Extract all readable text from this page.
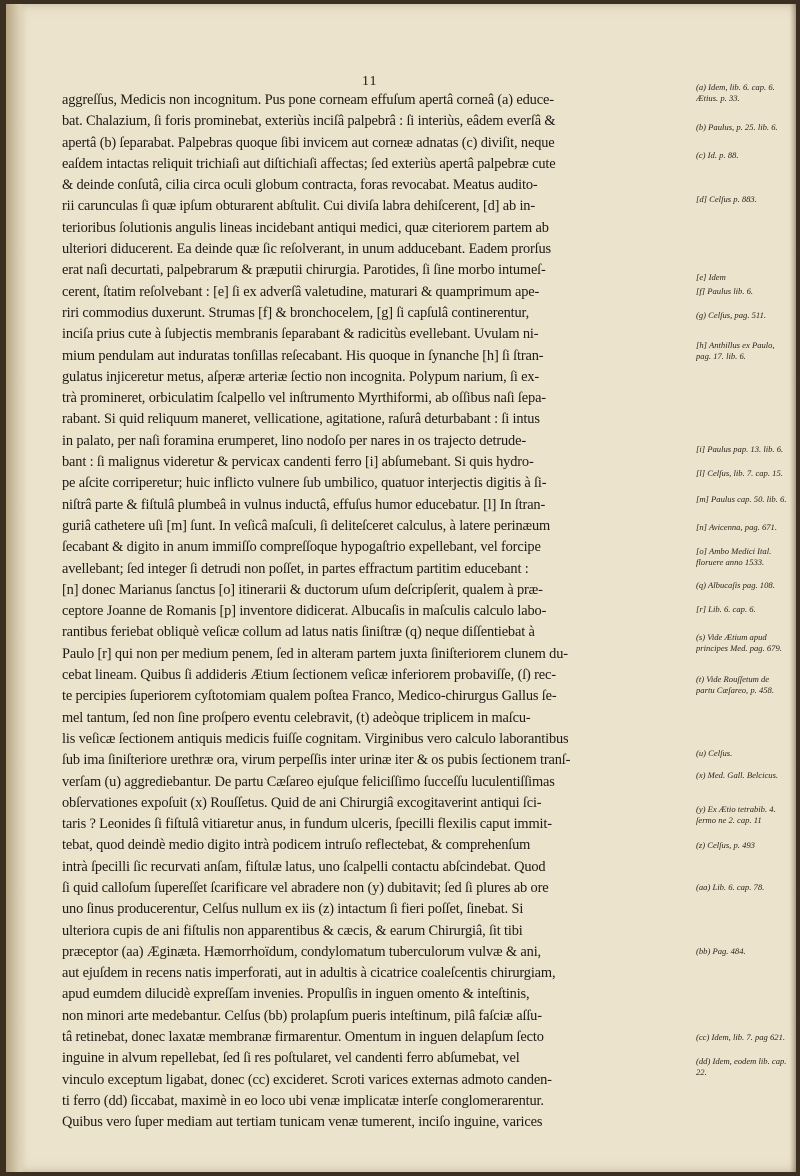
11
aggreſſus, Medicis non incognitum. Pus pone corneam effuſum apertâ corneâ (a) educe-
bat. Chalazium, ſi foris prominebat, exteriùs inciſâ palpebrâ : ſi interiùs, eâdem everſâ &
apertâ (b) ſeparabat. Palpebras quoque ſibi invicem aut corneæ adnatas (c) diviſit, neque
eaſdem intactas reliquit trichiaſi aut diſtichiaſi affectas; ſed exteriùs apertâ palpebræ cute
& deinde conſutâ, cilia circa oculi globum contracta, foras revocabat. Meatus audito-
rii carunculas ſi quæ ipſum obturarent abſtulit. Cui diviſa labra dehiſcerent, [d] ab in-
terioribus ſolutionis angulis lineas incidebant antiqui medici, quæ citeriorem partem ab
ulteriori diducerent. Ea deinde quæ ſic reſolverant, in unum adducebant. Eadem prorſus
erat naſi decurtati, palpebrarum & præputii chirurgia. Parotides, ſi ſine morbo intumeſ-
cerent, ſtatim reſolvebant : [e] ſi ex adverſâ valetudine, maturari & quamprimum ape-
riri commodius duxerunt. Strumas [f] & bronchocelem, [g] ſi capſulâ continerentur,
inciſa prius cute à ſubjectis membranis ſeparabant & radicitùs evellebant. Uvulam ni-
mium pendulam aut induratas tonſillas reſecabant. His quoque in ſynanche [h] ſi ſtran-
gulatus injiceretur metus, aſperæ arteriæ ſectio non incognita. Polypum narium, ſi ex-
trà promineret, orbiculatim ſcalpello vel inſtrumento Myrthiformi, ab oſſibus naſi ſepa-
rabant. Si quid reliquum maneret, vellicatione, agitatione, raſurâ deturbabant : ſi intus
in palato, per naſi foramina erumperet, lino nodoſo per nares in os trajecto detrude-
bant : ſi malignus videretur & pervicax candenti ferro [i] abſumebant. Si quis hydro-
pe aſcite corriperetur; huic inflicto vulnere ſub umbilico, quatuor interjectis digitis à ſi-
niſtrâ parte & fiſtulâ plumbeâ in vulnus inductâ, effuſus humor educebatur. [l] In ſtran-
guriâ cathetere uſi [m] ſunt. In veſicâ maſculi, ſi deliteſceret calculus, à latere perinæum
ſecabant & digito in anum immiſſo compreſſoque hypogaſtrio expellebant, vel forcipe
avellebant; ſed integer ſi detrudi non poſſet, in partes effractum partitim educebant :
[n] donec Marianus ſanctus [o] itinerarii & ductorum uſum deſcripſerit, qualem à præ-
ceptore Joanne de Romanis [p] inventore didicerat. Albucaſis in maſculis calculo labo-
rantibus feriebat obliquè veſicæ collum ad latus natis ſiniſtræ (q) neque diſſentiebat à
Paulo [r] qui non per medium penem, ſed in alteram partem juxta ſiniſteriorem clunem du-
cebat lineam. Quibus ſi addideris Ætium ſectionem veſicæ inferiorem probaviſſe, (ſ) rec-
te percipies ſuperiorem cyſtotomiam qualem poſtea Franco, Medico-chirurgus Gallus ſe-
mel tantum, ſed non ſine proſpero eventu celebravit, (t) adeòque triplicem in maſcu-
lis veſicæ ſectionem antiquis medicis fuiſſe cognitam. Virginibus vero calculo laborantibus
ſub ima ſiniſteriore urethræ ora, virum perpeſſis inter urinæ iter & os pubis ſectionem tranſ-
verſam (u) aggrediebantur. De partu Cæſareo ejuſque feliciſſimo ſucceſſu luculentiſſimas
obſervationes expoſuit (x) Rouſſetus. Quid de ani Chirurgiâ excogitaverint antiqui ſci-
taris ? Leonides ſi fiſtulâ vitiaretur anus, in fundum ulceris, ſpecilli flexilis caput immit-
tebat, quod deindè medio digito intrà podicem intruſo reflectebat, & comprehenſum
intrà ſpecilli ſic recurvati anſam, fiſtulæ latus, uno ſcalpelli contactu abſcindebat. Quod
ſi quid calloſum ſupereſſet ſcarificare vel abradere non (y) dubitavit; ſed ſi plures ab ore
uno ſinus producerentur, Celſus nullum ex iis (z) intactum ſi fieri poſſet, ſinebat. Si
ulteriora cupis de ani fiſtulis non apparentibus & cæcis, & earum Chirurgiâ, ſit tibi
præceptor (aa) Æginæta. Hæmorrhoïdum, condylomatum tuberculorum vulvæ & ani,
aut ejuſdem in recens natis imperforati, aut in adultis à cicatrice coaleſcentis chirurgiam,
apud eumdem dilucidè expreſſam invenies. Propulſis in inguen omento & inteſtinis,
non minori arte medebantur. Celſus (bb) prolapſum pueris inteſtinum, pilâ faſciæ aſſu-
tâ retinebat, donec laxatæ membranæ firmarentur. Omentum in inguen delapſum ſecto
inguine in alvum repellebat, ſed ſi res poſtularet, vel candenti ferro abſumebat, vel
vinculo exceptum ligabat, donec (cc) excideret. Scroti varices externas admoto canden-
ti ferro (dd) ſiccabat, maximè in eo loco ubi venæ implicatæ interſe conglomerarentur.
Quibus vero ſuper mediam aut tertiam tunicam venæ tumerent, inciſo inguine, varices
(a) Idem, lib. 6. cap. 6. Ætius. p. 33.
(b) Paulus, p. 25. lib. 6.
(c) Id. p. 88.
[d] Celſus p. 883.
[e] Idem
[f] Paulus lib. 6.
(g) Celſus, pag. 511.
[h] Anthillus ex Paulo, pag. 17. lib. 6.
[i] Paulus pap. 13. lib. 6.
[l] Celſus, lib. 7. cap. 15.
[m] Paulus cap. 50. lib. 6.
[n] Avicenna, pag. 671.
[o] Ambo Medici Ital. floruere anno 1533.
(q) Albucaſis pag. 108.
[r] Lib. 6. cap. 6.
(s) Vide Ætium apud principes Med. pag. 679.
(t) Vide Rouſſetum de partu Cæſareo, p. 458.
(u) Celſus.
(x) Med. Gall. Belcicus.
(y) Ex Ætio tetrabib. 4. ſermo ne 2. cap. 11
(z) Celſus, p. 493
(aa) Lib. 6. cap. 78.
(bb) Pag. 484.
(cc) Idem, lib. 7. pag 621.
(dd) Idem, eodem lib. cap. 22.
